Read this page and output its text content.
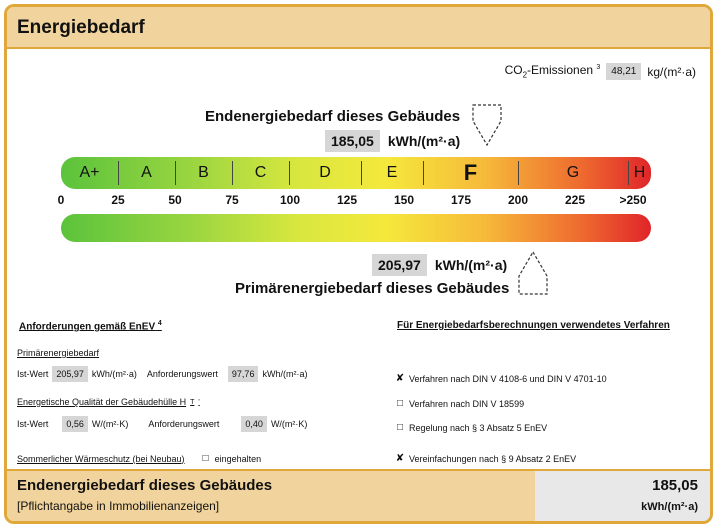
Energiebedarf
$CO_2$-Emissionen $^3$	48,21 kg/(m²·a)
Endenergiebedarf dieses Gebäudes
185,05	kWh/(m²·a)
A+	A	B	C	D	E	F	G	H
0	25	50	75	100	125	150	175	200	225	>250
205,97	kWh/(m²·a)
Primärenergiebedarf dieses Gebäudes
Anforderungen gemäß EnEV $^4$	Für Energiebedarfsberechnungen verwendetes Verfahren
Primärenergiebedarf
Ist-Wert 205,97 kWh/(m²·a) Anforderungswert	97,76 kWh/(m²·a)
Energetische Qualität der Gebäudehülle H T '
Ist-Wert	0,56 W/(m²·K) Anforderungswert	0,40 W/(m²·K)
Sommerlicher Wärmeschutz (bei Neubau) □ eingehalten
✘ Verfahren nach DIN V 4108-6 und DIN V 4701-10
□ Verfahren nach DIN V 18599
□ Regelung nach § 3 Absatz 5 EnEV
✘ Vereinfachungen nach § 9 Absatz 2 EnEV
Endenergiebedarf dieses Gebäudes
[Pflichtangabe in Immobilienanzeigen]
185,05
kWh/(m²·a)
